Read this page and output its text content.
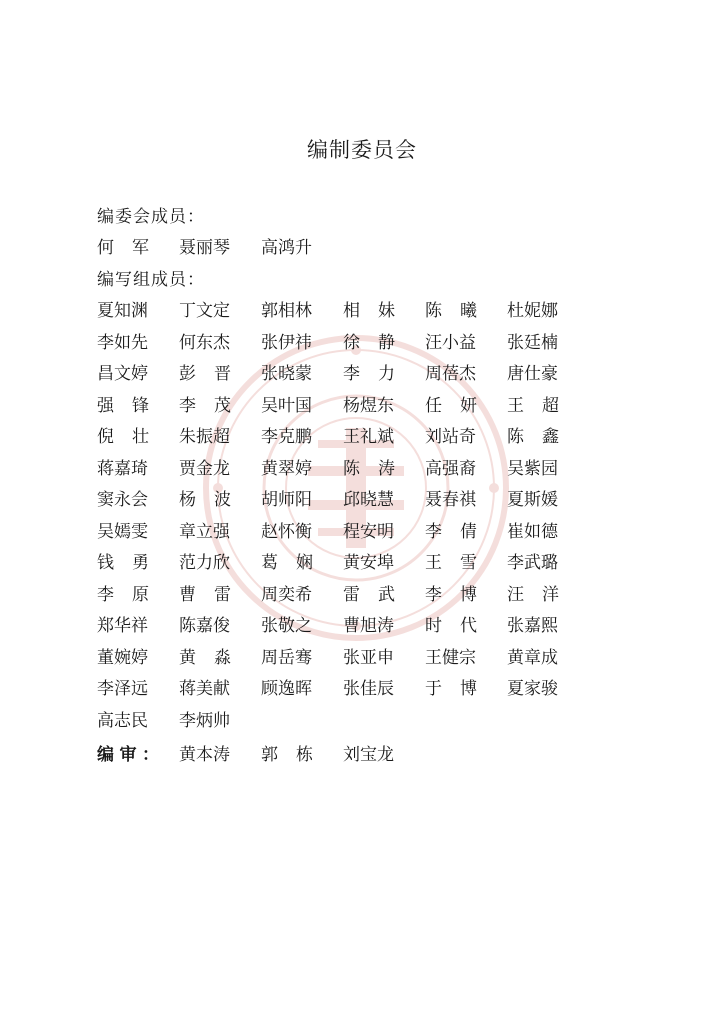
编制委员会
编委会成员：
何 军 聂丽琴 高鸿升
编写组成员：
夏知渊 丁文定 郭相林 相 妹 陈 曦 杜妮娜
李如先 何东杰 张伊祎 徐 静 汪小益 张廷楠
昌文婷 彭 晋 张晓蒙 李 力 周蓓杰 唐仕豪
强 锋 李 茂 吴叶国 杨煜东 任 妍 王 超
倪 壮 朱振超 李克鹏 王礼斌 刘站奇 陈 鑫
蒋嘉琦 贾金龙 黄翠婷 陈 涛 高强裔 吴紫园
窦永会 杨 波 胡师阳 邱晓慧 聂春祺 夏斯媛
吴嫣雯 章立强 赵怀衡 程安明 李 倩 崔如德
钱 勇 范力欣 葛 娴 黄安埠 王 雪 李武璐
李 原 曹 雷 周奕希 雷 武 李 博 汪 洋
郑华祥 陈嘉俊 张敬之 曹旭涛 时 代 张嘉熙
董婉婷 黄 淼 周岳骞 张亚申 王健宗 黄章成
李泽远 蒋美献 顾逸晖 张佳辰 于 博 夏家骏
高志民 李炳帅
编 审 ： 黄本涛 郭 栋 刘宝龙
